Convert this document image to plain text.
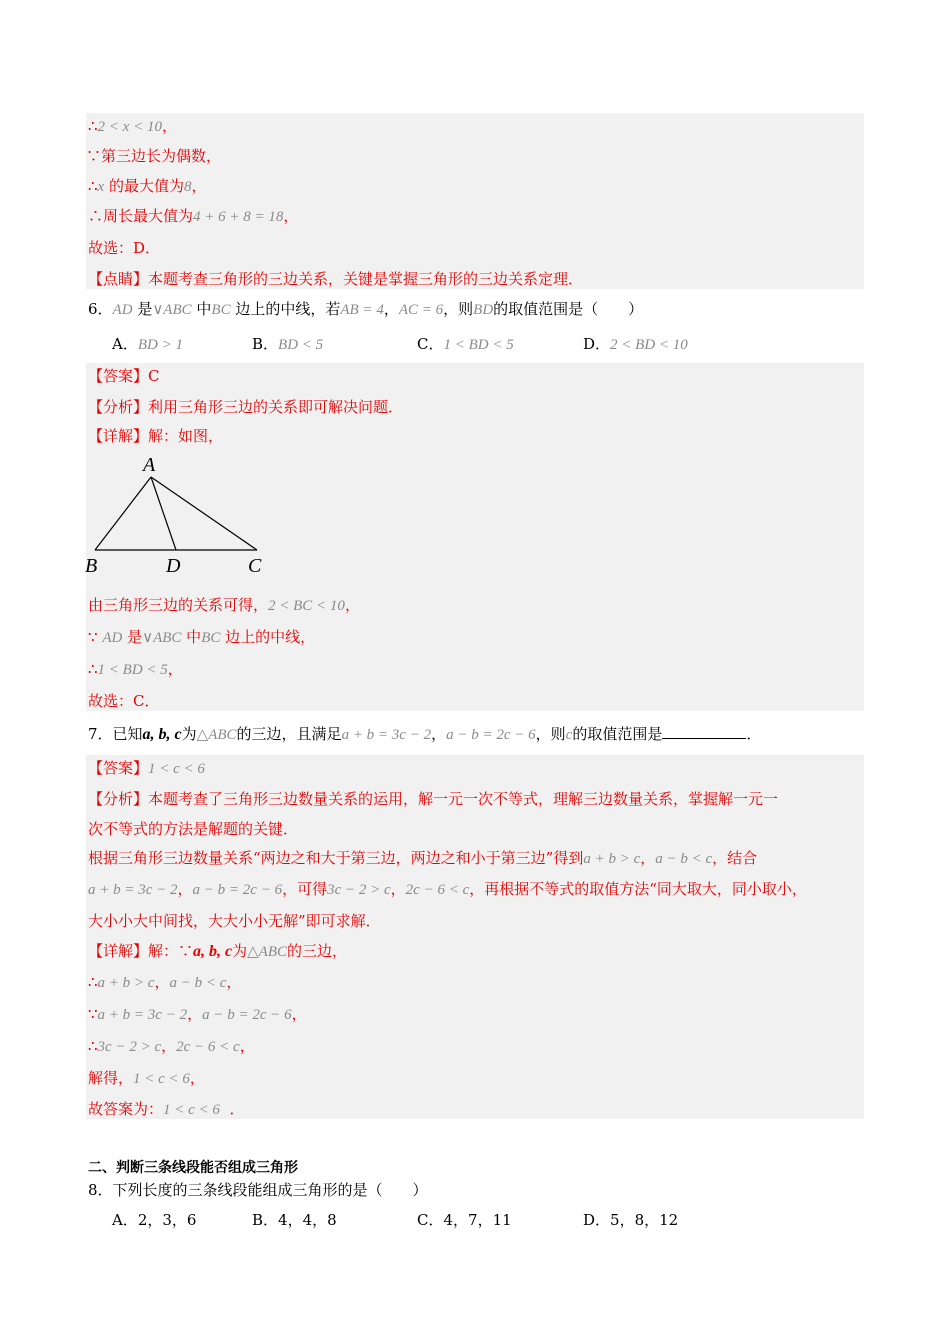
∴2 < x < 10，
∵第三边长为偶数，
∴x 的最大值为8，
∴周长最大值为4 + 6 + 8 = 18，
故选：D．
【点睛】本题考查三角形的三边关系，关键是掌握三角形的三边关系定理．
6．AD 是∨ABC 中BC 边上的中线，若AB = 4，AC = 6，则BD的取值范围是（　　）
A．BD > 1	B．BD < 5	C．1 < BD < 5	D．2 < BD < 10
【答案】C
【分析】利用三角形三边的关系即可解决问题．
【详解】解：如图，
A
B	D	C
由三角形三边的关系可得，2 < BC < 10，
∵ AD 是∨ABC 中BC 边上的中线，
∴1 < BD < 5，
故选：C．
7．已知a, b, c为△ABC的三边，且满足a + b = 3c − 2，a − b = 2c − 6，则c的取值范围是	．
【答案】1 < c < 6
【分析】本题考查了三角形三边数量关系的运用，解一元一次不等式，理解三边数量关系，掌握解一元一
次不等式的方法是解题的关键．
根据三角形三边数量关系“两边之和大于第三边，两边之和小于第三边”得到a + b > c，a − b < c，结合
a + b = 3c − 2，a − b = 2c − 6，可得3c − 2 > c，2c − 6 < c，再根据不等式的取值方法“同大取大，同小取小，
大小小大中间找，大大小小无解”即可求解．
【详解】解：∵a, b, c为△ABC的三边，
∴a + b > c，a − b < c，
∵a + b = 3c − 2，a − b = 2c − 6，
∴3c − 2 > c，2c − 6 < c，
解得，1 < c < 6，
故答案为：1 < c < 6 ．
二、判断三条线段能否组成三角形
8．下列长度的三条线段能组成三角形的是（　　）
A．2，3，6	B．4，4，8	C．4，7，11	D．5，8，12
